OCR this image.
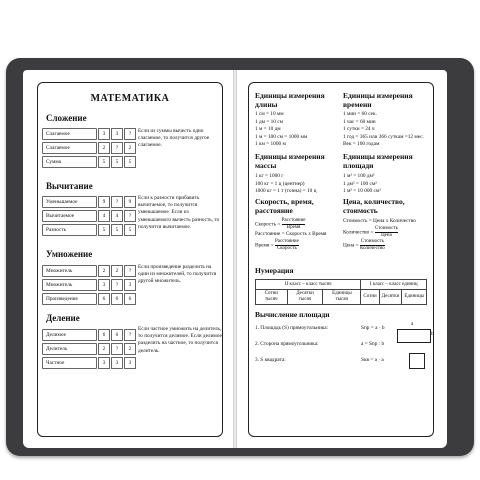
МАТЕМАТИКА
Сложение
Слагаемое	3	3	?
Слагаемое	2	?	2
Сумма	5	5	5
Если из суммы вычесть одно слагаемое, то получится другое слагаемое.
Вычитание
Уменьшаемое	9	?	9
Вычитаемое	4	4	?
Разность	5	5	5
Если к разности прибавить вычитаемое, то получится уменьшаемое. Если из уменьшаемого вычесть разность, то получится вычитаемое.
Умножение
Множитель	2	2	?
Множитель	3	?	3
Произведение	6	6	6
Если произведение разделить на один из множителей, то получится другой множитель.
Деление
Делимое	6	6	?
Делитель	2	?	2
Частное	3	3	3
Если частное умножить на делитель, то получится делимое. Если делимое разделить на частное, то получится делитель.
Единицы измерения длины
1 см = 10 мм
1 дм = 10 см
1 м = 10 дм
1 м = 100 см = 1000 мм
1 км = 1000 м
Единицы измерения времени
1 мин = 60 сек.
1 час = 60 мин
1 сутки = 24 ч
1 год = 365 или 366 суткам =12 мес.
Век = 100 годам
Единицы измерения массы
1 кг = 1000 г
100 кг = 1 ц (центнер)
1000 кг = 1 т (тонна) = 10 ц
Единицы измерения площади
1 м² = 100 дм²
1 дм² = 100 см²
1 м² = 10 000 см²
Скорость, время, расстояние
Скорость = $\frac{\text{Расстояние}}{\text{Время}}$
Расстояние = Скорость x Время
Время = $\frac{\text{Расстояние}}{\text{Скорость}}$
Цена, количество, стоимость
Стоимость = Цена x Количество
Количество = $\frac{\text{Стоимость}}{\text{Цена}}$
Цена = $\frac{\text{Стоимость}}{\text{Количество}}$
Нумерация
II класс – класс тысяч			I класс – класс единиц		
Сотни тысяч	Десятки тысяч	Единицы тысяч	Сотни	Десятки	Единицы
Вычисление площади
1. Площадь (S) прямоугольника:	Sпр = a · b
2. Сторона прямоугольника:	a = Sпр : b
3. S квадрата:	Sкв = a · a
a
b
